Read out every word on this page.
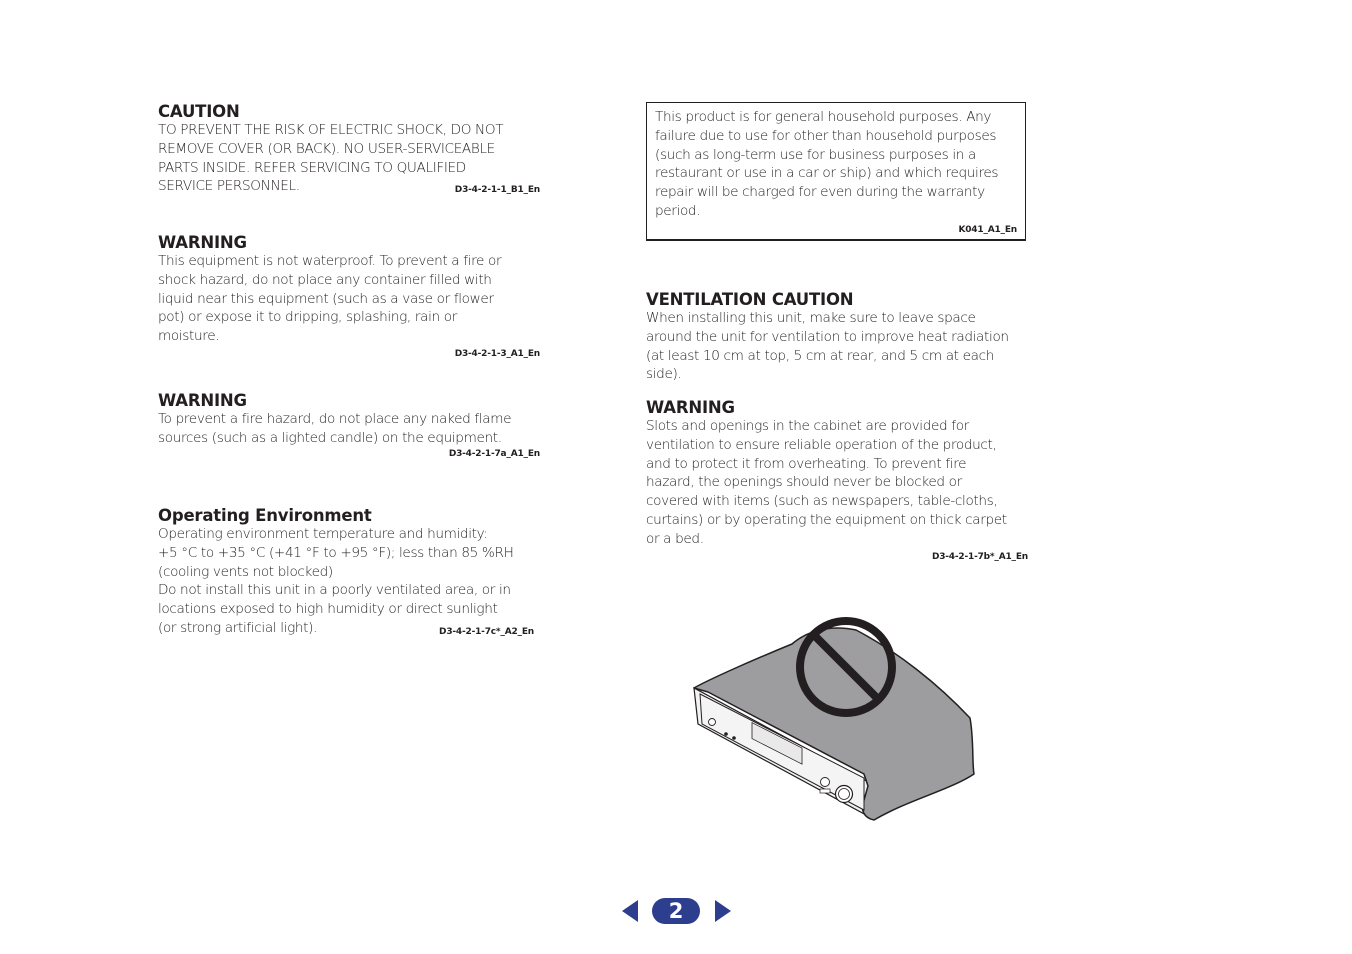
CAUTION

TO PREVENT THE RISK OF ELECTRIC SHOCK, DO NOT
REMOVE COVER (OR BACK). NO USER-SERVICEABLE
PARTS INSIDE. REFER SERVICING TO QUALIFIED
SERVICE PERSONNEL.	D3-4-2-1-1_B1_En

WARNING

This equipment is not waterproof. To prevent a fire or
shock hazard, do not place any container filled with
liquid near this equipment (such as a vase or flower
pot) or expose it to dripping, splashing, rain or
moisture.

D3-4-2-1-3_A1_En

WARNING

To prevent a fire hazard, do not place any naked flame
sources (such as a lighted candle) on the equipment.

D3-4-2-1-7a_A1_En

Operating Environment

Operating environment temperature and humidity:
+5 °C to +35 °C (+41 °F to +95 °F); less than 85 %RH
(cooling vents not blocked)
Do not install this unit in a poorly ventilated area, or in
locations exposed to high humidity or direct sunlight
(or strong artificial light).	D3-4-2-1-7c*_A2_En

This product is for general household purposes. Any
failure due to use for other than household purposes
(such as long-term use for business purposes in a
restaurant or use in a car or ship) and which requires
repair will be charged for even during the warranty
period.

K041_A1_En

VENTILATION CAUTION

When installing this unit, make sure to leave space
around the unit for ventilation to improve heat radiation
(at least 10 cm at top, 5 cm at rear, and 5 cm at each
side).

WARNING

Slots and openings in the cabinet are provided for
ventilation to ensure reliable operation of the product,
and to protect it from overheating. To prevent fire
hazard, the openings should never be blocked or
covered with items (such as newspapers, table-cloths,
curtains) or by operating the equipment on thick carpet
or a bed.

D3-4-2-1-7b*_A1_En
2
